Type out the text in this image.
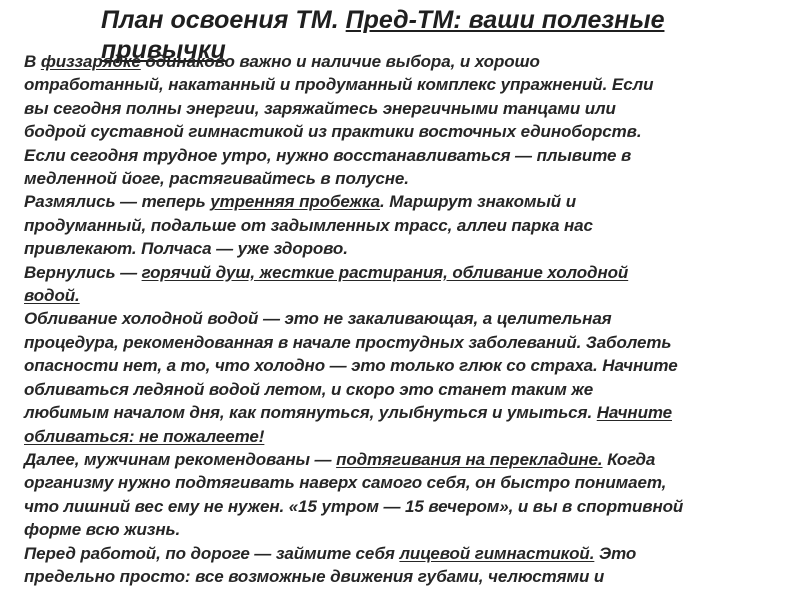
План освоения ТМ. Пред-ТМ: ваши полезные привычки
В физзарядке одинаково важно и наличие выбора, и хорошо
отработанный, накатанный и продуманный комплекс упражнений. Если
вы сегодня полны энергии, заряжайтесь энергичными танцами или
бодрой суставной гимнастикой из практики восточных единоборств.
Если сегодня трудное утро, нужно восстанавливаться — плывите в
медленной йоге, растягивайтесь в полусне.
Размялись — теперь утренняя пробежка. Маршрут знакомый и
продуманный, подальше от задымленных трасс, аллеи парка нас
привлекают. Полчаса — уже здорово.
Вернулись — горячий душ, жесткие растирания, обливание холодной
водой.
Обливание холодной водой — это не закаливающая, а целительная
процедура, рекомендованная в начале простудных заболеваний. Заболеть
опасности нет, а то, что холодно — это только глюк со страха. Начните
обливаться ледяной водой летом, и скоро это станет таким же
любимым началом дня, как потянуться, улыбнуться и умыться. Начните
обливаться: не пожалеете!
Далее, мужчинам рекомендованы — подтягивания на перекладине. Когда
организму нужно подтягивать наверх самого себя, он быстро понимает,
что лишний вес ему не нужен. «15 утром — 15 вечером», и вы в спортивной
форме всю жизнь.
Перед работой, по дороге — займите себя лицевой гимнастикой. Это
предельно просто: все возможные движения губами, челюстями и
